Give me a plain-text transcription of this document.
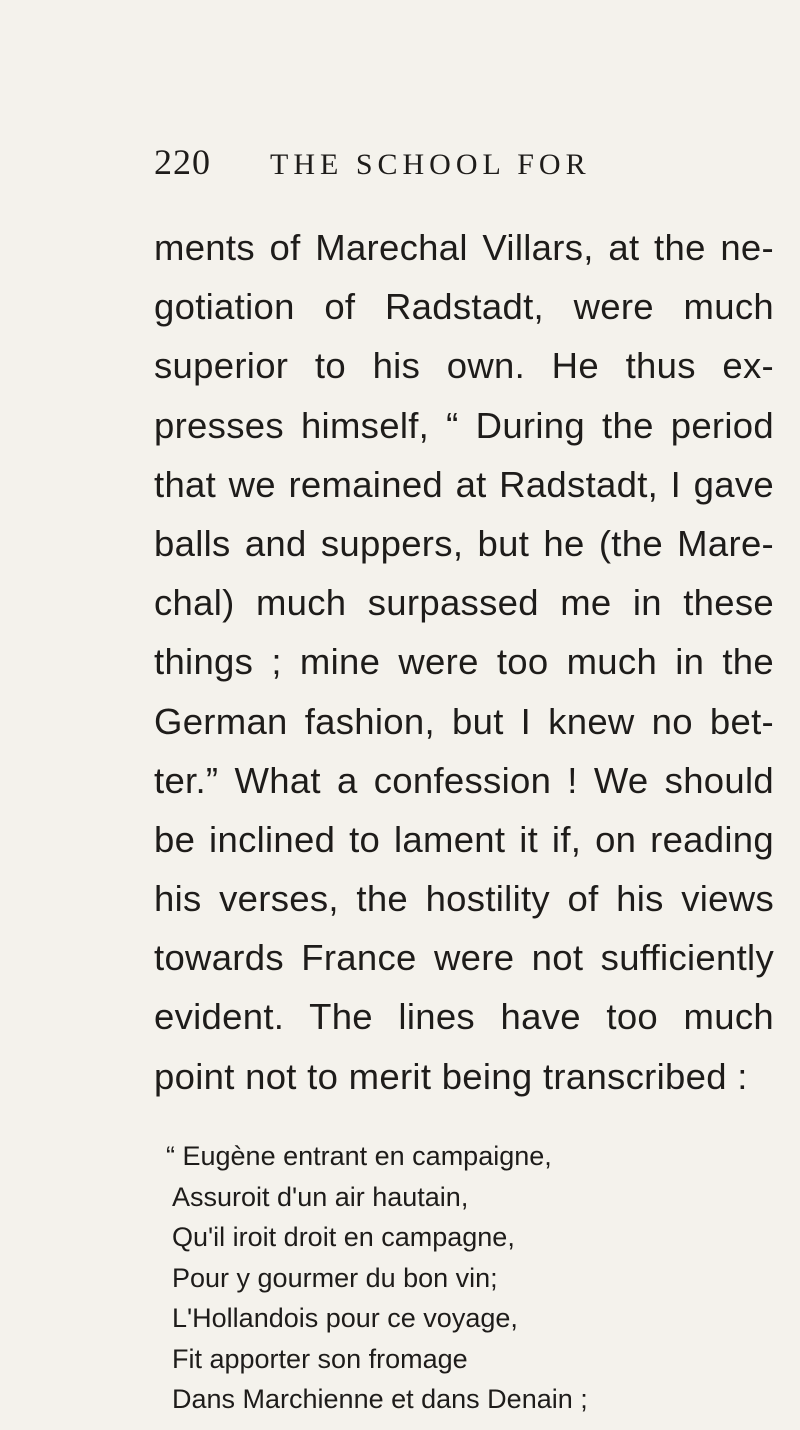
220 THE SCHOOL FOR
ments of Marechal Villars, at the ne-
gotiation of Radstadt, were much
superior to his own. He thus ex-
presses himself, “ During the period
that we remained at Radstadt, I gave
balls and suppers, but he (the Mare-
chal) much surpassed me in these
things ; mine were too much in the
German fashion, but I knew no bet-
ter.” What a confession ! We should
be inclined to lament it if, on reading
his verses, the hostility of his views
towards France were not sufficiently
evident. The lines have too much
point not to merit being transcribed :
“ Eugène entrant en campaigne,
Assuroit d'un air hautain,
Qu'il iroit droit en campagne,
Pour y gourmer du bon vin;
L'Hollandois pour ce voyage,
Fit apporter son fromage
Dans Marchienne et dans Denain ;
